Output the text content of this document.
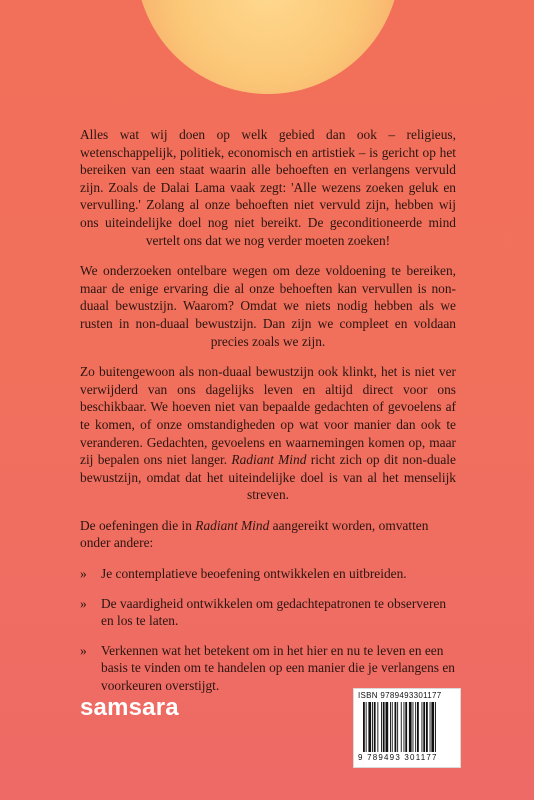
Alles wat wij doen op welk gebied dan ook – religieus, wetenschappelijk, politiek, economisch en artistiek – is gericht op het bereiken van een staat waarin alle behoeften en verlangens vervuld zijn. Zoals de Dalai Lama vaak zegt: 'Alle wezens zoeken geluk en vervulling.' Zolang al onze behoeften niet vervuld zijn, hebben wij ons uiteindelijke doel nog niet bereikt. De geconditioneerde mind vertelt ons dat we nog verder moeten zoeken!

We onderzoeken ontelbare wegen om deze voldoening te bereiken, maar de enige ervaring die al onze behoeften kan vervullen is non-duaal bewustzijn. Waarom? Omdat we niets nodig hebben als we rusten in non-duaal bewustzijn. Dan zijn we compleet en voldaan precies zoals we zijn.

Zo buitengewoon als non-duaal bewustzijn ook klinkt, het is niet ver verwijderd van ons dagelijks leven en altijd direct voor ons beschikbaar. We hoeven niet van bepaalde gedachten of gevoelens af te komen, of onze omstandigheden op wat voor manier dan ook te veranderen. Gedachten, gevoelens en waarnemingen komen op, maar zij bepalen ons niet langer. Radiant Mind richt zich op dit non-duale bewustzijn, omdat dat het uiteindelijke doel is van al het menselijk streven.

De oefeningen die in Radiant Mind aangereikt worden, omvatten onder andere:

» Je contemplatieve beoefening ontwikkelen en uitbreiden.
» De vaardigheid ontwikkelen om gedachtepatronen te observeren en los te laten.
» Verkennen wat het betekent om in het hier en nu te leven en een basis te vinden om te handelen op een manier die je verlangens en voorkeuren overstijgt.
samsara	ISBN 9789493301177
9 789493 301177
